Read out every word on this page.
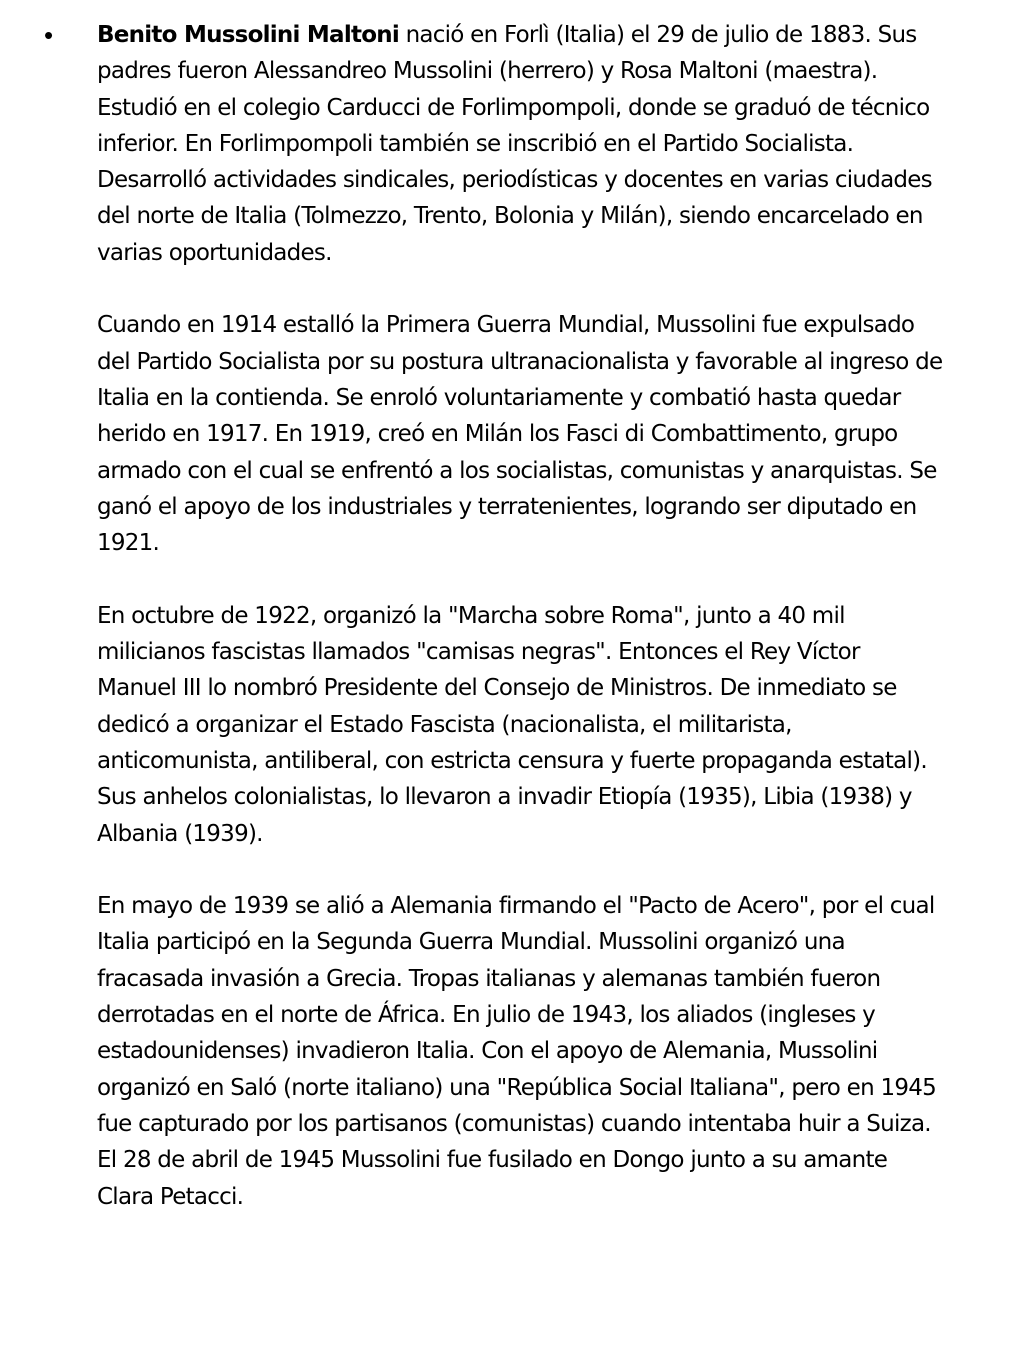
• Benito Mussolini Maltoni nació en Forlì (Italia) el 29 de julio de 1883. Sus padres fueron Alessandreo Mussolini (herrero) y Rosa Maltoni (maestra). Estudió en el colegio Carducci de Forlimpompoli, donde se graduó de técnico inferior. En Forlimpompoli también se inscribió en el Partido Socialista. Desarrolló actividades sindicales, periodísticas y docentes en varias ciudades del norte de Italia (Tolmezzo, Trento, Bolonia y Milán), siendo encarcelado en varias oportunidades.

Cuando en 1914 estalló la Primera Guerra Mundial, Mussolini fue expulsado del Partido Socialista por su postura ultranacionalista y favorable al ingreso de Italia en la contienda. Se enroló voluntariamente y combatió hasta quedar herido en 1917. En 1919, creó en Milán los Fasci di Combattimento, grupo armado con el cual se enfrentó a los socialistas, comunistas y anarquistas. Se ganó el apoyo de los industriales y terratenientes, logrando ser diputado en 1921.

En octubre de 1922, organizó la "Marcha sobre Roma", junto a 40 mil milicianos fascistas llamados "camisas negras". Entonces el Rey Víctor Manuel III lo nombró Presidente del Consejo de Ministros. De inmediato se dedicó a organizar el Estado Fascista (nacionalista, el militarista, anticomunista, antiliberal, con estricta censura y fuerte propaganda estatal). Sus anhelos colonialistas, lo llevaron a invadir Etiopía (1935), Libia (1938) y Albania (1939).

En mayo de 1939 se alió a Alemania firmando el "Pacto de Acero", por el cual Italia participó en la Segunda Guerra Mundial. Mussolini organizó una fracasada invasión a Grecia. Tropas italianas y alemanas también fueron derrotadas en el norte de África. En julio de 1943, los aliados (ingleses y estadounidenses) invadieron Italia. Con el apoyo de Alemania, Mussolini organizó en Saló (norte italiano) una "República Social Italiana", pero en 1945 fue capturado por los partisanos (comunistas) cuando intentaba huir a Suiza. El 28 de abril de 1945 Mussolini fue fusilado en Dongo junto a su amante Clara Petacci.
